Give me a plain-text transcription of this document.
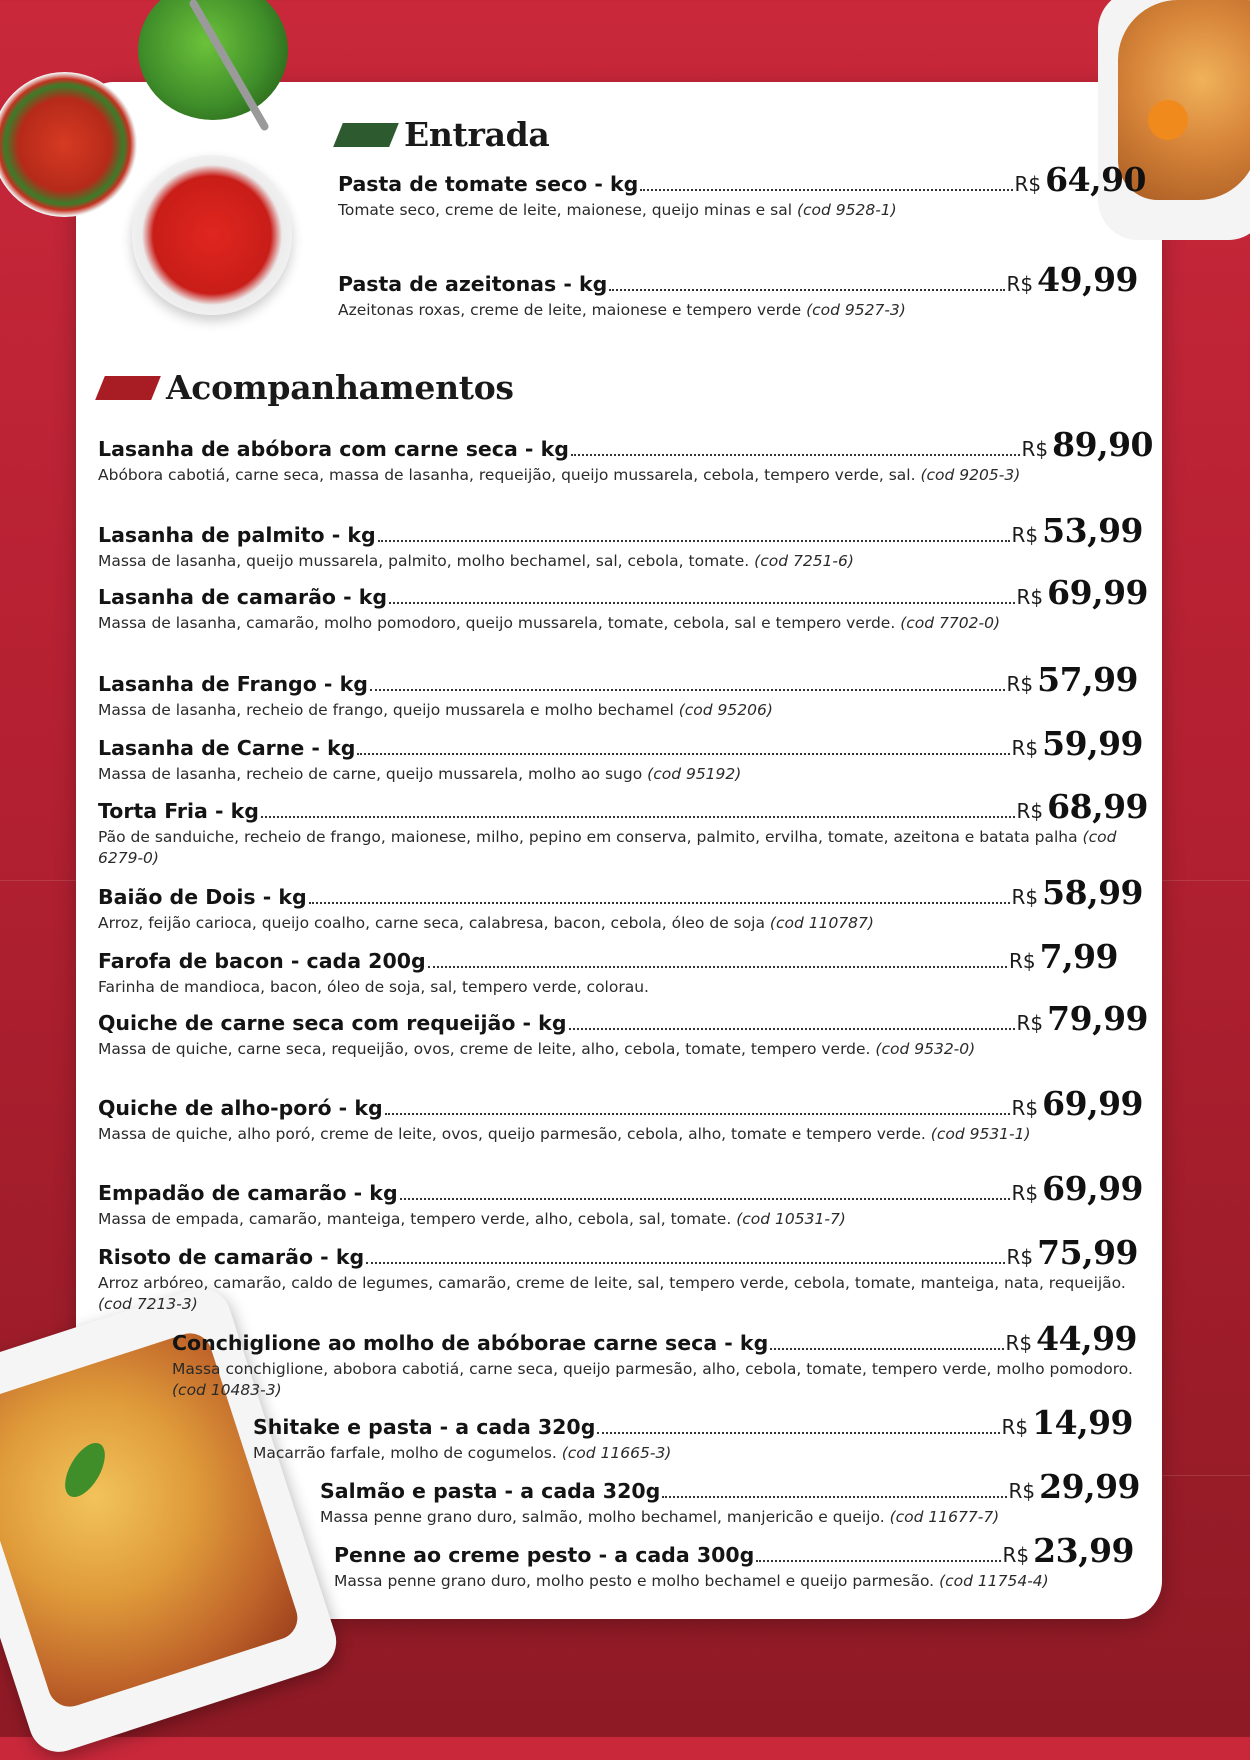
Entrada
Acompanhamentos
Pasta de tomate seco - kg	R$ 64,90
Tomate seco, creme de leite, maionese, queijo minas e sal (cod 9528-1)
Pasta de azeitonas - kg	R$ 49,99
Azeitonas roxas, creme de leite, maionese e tempero verde (cod 9527-3)
Lasanha de abóbora com carne seca - kg	R$ 89,90
Abóbora cabotiá, carne seca, massa de lasanha, requeijão, queijo mussarela, cebola, tempero verde, sal. (cod 9205-3)
Lasanha de palmito - kg	R$ 53,99
Massa de lasanha, queijo mussarela, palmito, molho bechamel, sal, cebola, tomate. (cod 7251-6)
Lasanha de camarão - kg	R$ 69,99
Massa de lasanha, camarão, molho pomodoro, queijo mussarela, tomate, cebola, sal e tempero verde. (cod 7702-0)
Lasanha de Frango - kg	R$ 57,99
Massa de lasanha, recheio de frango, queijo mussarela e molho bechamel (cod 95206)
Lasanha de Carne - kg	R$ 59,99
Massa de lasanha, recheio de carne, queijo mussarela, molho ao sugo (cod 95192)
Torta Fria - kg	R$ 68,99
Pão de sanduiche, recheio de frango, maionese, milho, pepino em conserva, palmito, ervilha, tomate, azeitona e batata palha (cod 6279-0)
Baião de Dois - kg	R$ 58,99
Arroz, feijão carioca, queijo coalho, carne seca, calabresa, bacon, cebola, óleo de soja (cod 110787)
Farofa de bacon - cada 200g	R$ 7,99
Farinha de mandioca, bacon, óleo de soja, sal, tempero verde, colorau.
Quiche de carne seca com requeijão - kg	R$ 79,99
Massa de quiche, carne seca, requeijão, ovos, creme de leite, alho, cebola, tomate, tempero verde. (cod 9532-0)
Quiche de alho-poró - kg	R$ 69,99
Massa de quiche, alho poró, creme de leite, ovos, queijo parmesão, cebola, alho, tomate e tempero verde. (cod 9531-1)
Empadão de camarão - kg	R$ 69,99
Massa de empada, camarão, manteiga, tempero verde, alho, cebola, sal, tomate. (cod 10531-7)
Risoto de camarão - kg	R$ 75,99
Arroz arbóreo, camarão, caldo de legumes, camarão, creme de leite, sal, tempero verde, cebola, tomate, manteiga, nata, requeijão. (cod 7213-3)
Conchiglione ao molho de abóborae carne seca - kg	R$ 44,99
Massa conchiglione, abobora cabotiá, carne seca, queijo parmesão, alho, cebola, tomate, tempero verde, molho pomodoro. (cod 10483-3)
Shitake e pasta - a cada 320g	R$ 14,99
Macarrão farfale, molho de cogumelos. (cod 11665-3)
Salmão e pasta - a cada 320g	R$ 29,99
Massa penne grano duro, salmão, molho bechamel, manjericão e queijo. (cod 11677-7)
Penne ao creme pesto - a cada 300g	R$ 23,99
Massa penne grano duro, molho pesto e molho bechamel e queijo parmesão. (cod 11754-4)
